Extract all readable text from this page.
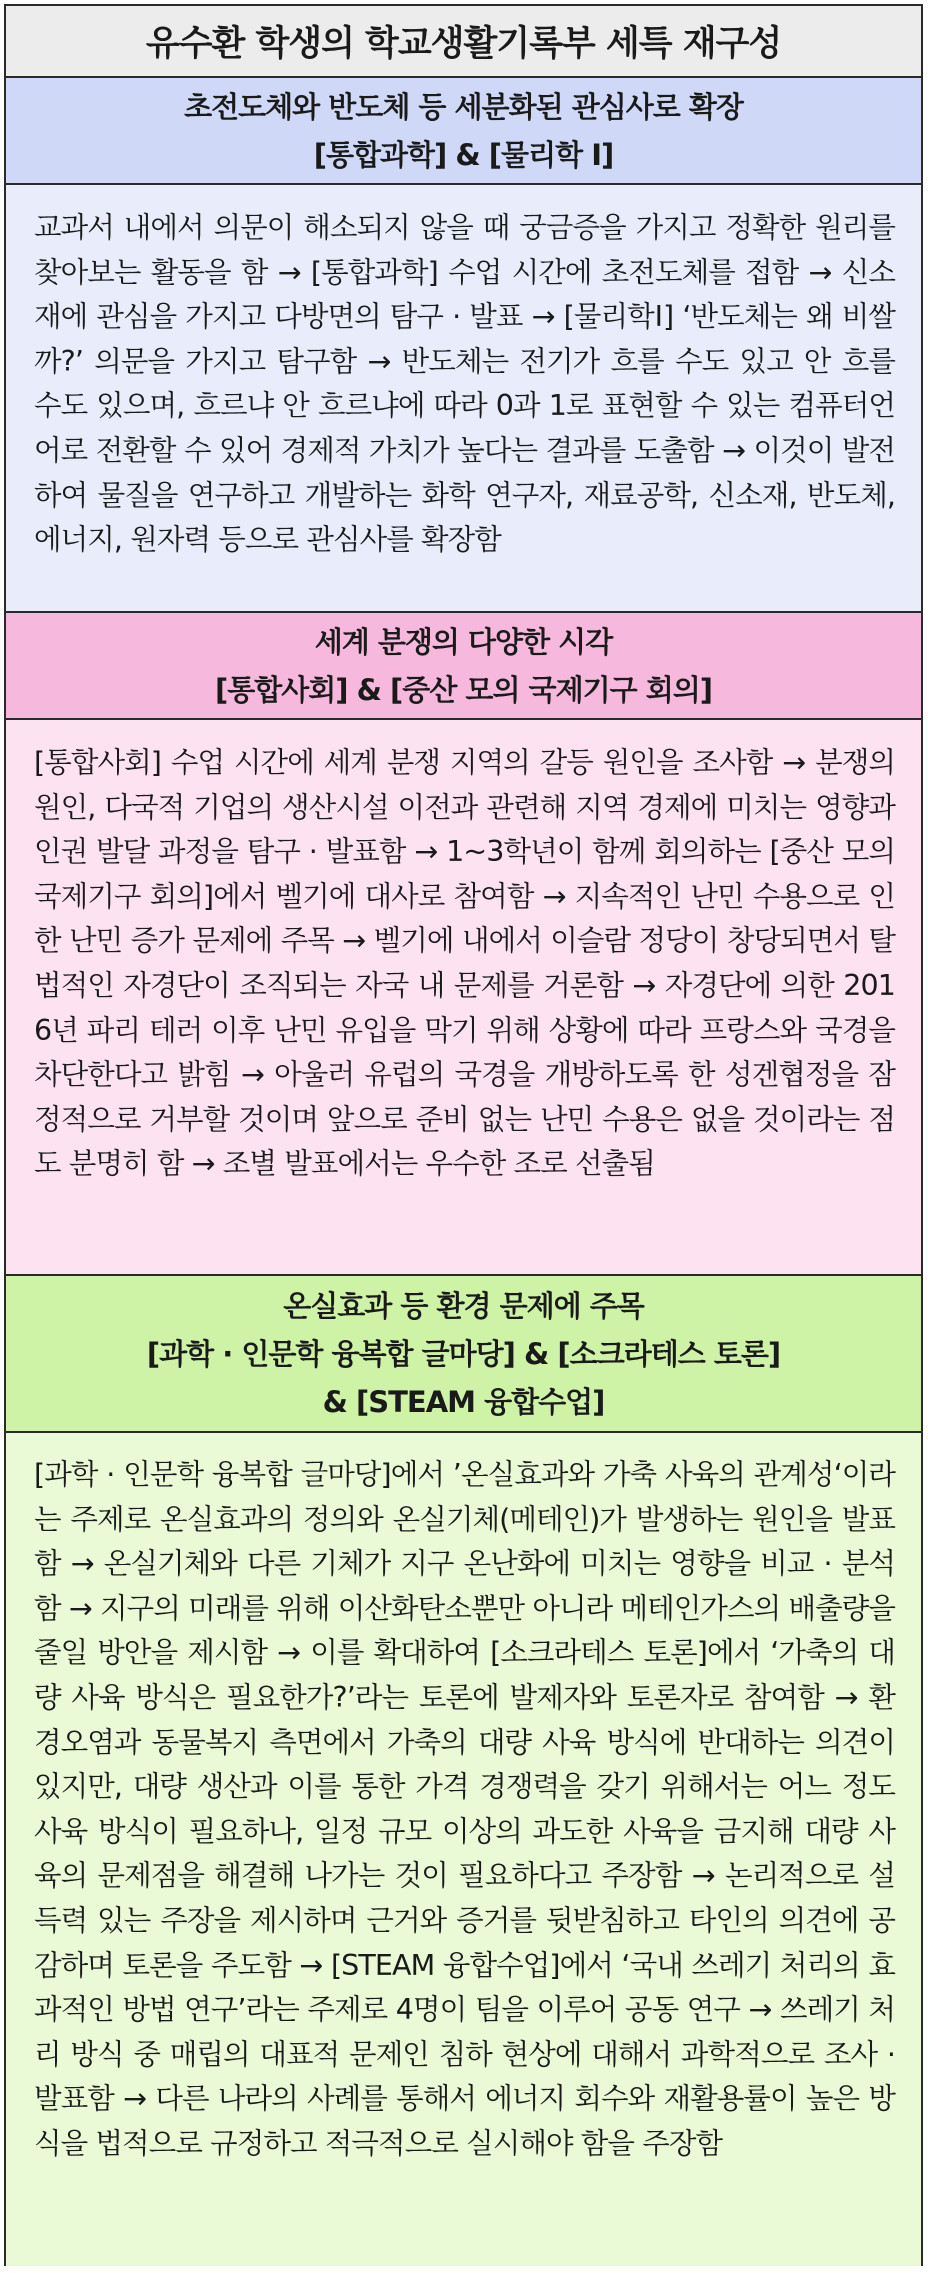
유수환 학생의 학교생활기록부 세특 재구성
초전도체와 반도체 등 세분화된 관심사로 확장
[통합과학] & [물리학 Ⅰ]
교과서 내에서 의문이 해소되지 않을 때 궁금증을 가지고 정확한 원리를 찾아보는 활동을 함 → [통합과학] 수업 시간에 초전도체를 접함 → 신소재에 관심을 가지고 다방면의 탐구 · 발표 → [물리학Ⅰ] ‘반도체는 왜 비쌀까?’ 의문을 가지고 탐구함 → 반도체는 전기가 흐를 수도 있고 안 흐를 수도 있으며, 흐르냐 안 흐르냐에 따라 0과 1로 표현할 수 있는 컴퓨터언어로 전환할 수 있어 경제적 가치가 높다는 결과를 도출함 → 이것이 발전하여 물질을 연구하고 개발하는 화학 연구자, 재료공학, 신소재, 반도체, 에너지, 원자력 등으로 관심사를 확장함
세계 분쟁의 다양한 시각
[통합사회] & [중산 모의 국제기구 회의]
[통합사회] 수업 시간에 세계 분쟁 지역의 갈등 원인을 조사함 → 분쟁의 원인, 다국적 기업의 생산시설 이전과 관련해 지역 경제에 미치는 영향과 인권 발달 과정을 탐구 · 발표함 → 1~3학년이 함께 회의하는 [중산 모의 국제기구 회의]에서 벨기에 대사로 참여함 → 지속적인 난민 수용으로 인한 난민 증가 문제에 주목 → 벨기에 내에서 이슬람 정당이 창당되면서 탈법적인 자경단이 조직되는 자국 내 문제를 거론함 → 자경단에 의한 2016년 파리 테러 이후 난민 유입을 막기 위해 상황에 따라 프랑스와 국경을 차단한다고 밝힘 → 아울러 유럽의 국경을 개방하도록 한 성겐협정을 잠정적으로 거부할 것이며 앞으로 준비 없는 난민 수용은 없을 것이라는 점도 분명히 함 → 조별 발표에서는 우수한 조로 선출됨
온실효과 등 환경 문제에 주목
[과학 · 인문학 융복합 글마당] & [소크라테스 토론]
& [STEAM 융합수업]
[과학 · 인문학 융복합 글마당]에서 ’온실효과와 가축 사육의 관계성‘이라는 주제로 온실효과의 정의와 온실기체(메테인)가 발생하는 원인을 발표함 → 온실기체와 다른 기체가 지구 온난화에 미치는 영향을 비교 · 분석함 → 지구의 미래를 위해 이산화탄소뿐만 아니라 메테인가스의 배출량을 줄일 방안을 제시함 → 이를 확대하여 [소크라테스 토론]에서 ‘가축의 대량 사육 방식은 필요한가?’라는 토론에 발제자와 토론자로 참여함 → 환경오염과 동물복지 측면에서 가축의 대량 사육 방식에 반대하는 의견이 있지만, 대량 생산과 이를 통한 가격 경쟁력을 갖기 위해서는 어느 정도 사육 방식이 필요하나, 일정 규모 이상의 과도한 사육을 금지해 대량 사육의 문제점을 해결해 나가는 것이 필요하다고 주장함 → 논리적으로 설득력 있는 주장을 제시하며 근거와 증거를 뒷받침하고 타인의 의견에 공감하며 토론을 주도함 → [STEAM 융합수업]에서 ‘국내 쓰레기 처리의 효과적인 방법 연구’라는 주제로 4명이 팀을 이루어 공동 연구 → 쓰레기 처리 방식 중 매립의 대표적 문제인 침하 현상에 대해서 과학적으로 조사 · 발표함 → 다른 나라의 사례를 통해서 에너지 회수와 재활용률이 높은 방식을 법적으로 규정하고 적극적으로 실시해야 함을 주장함
